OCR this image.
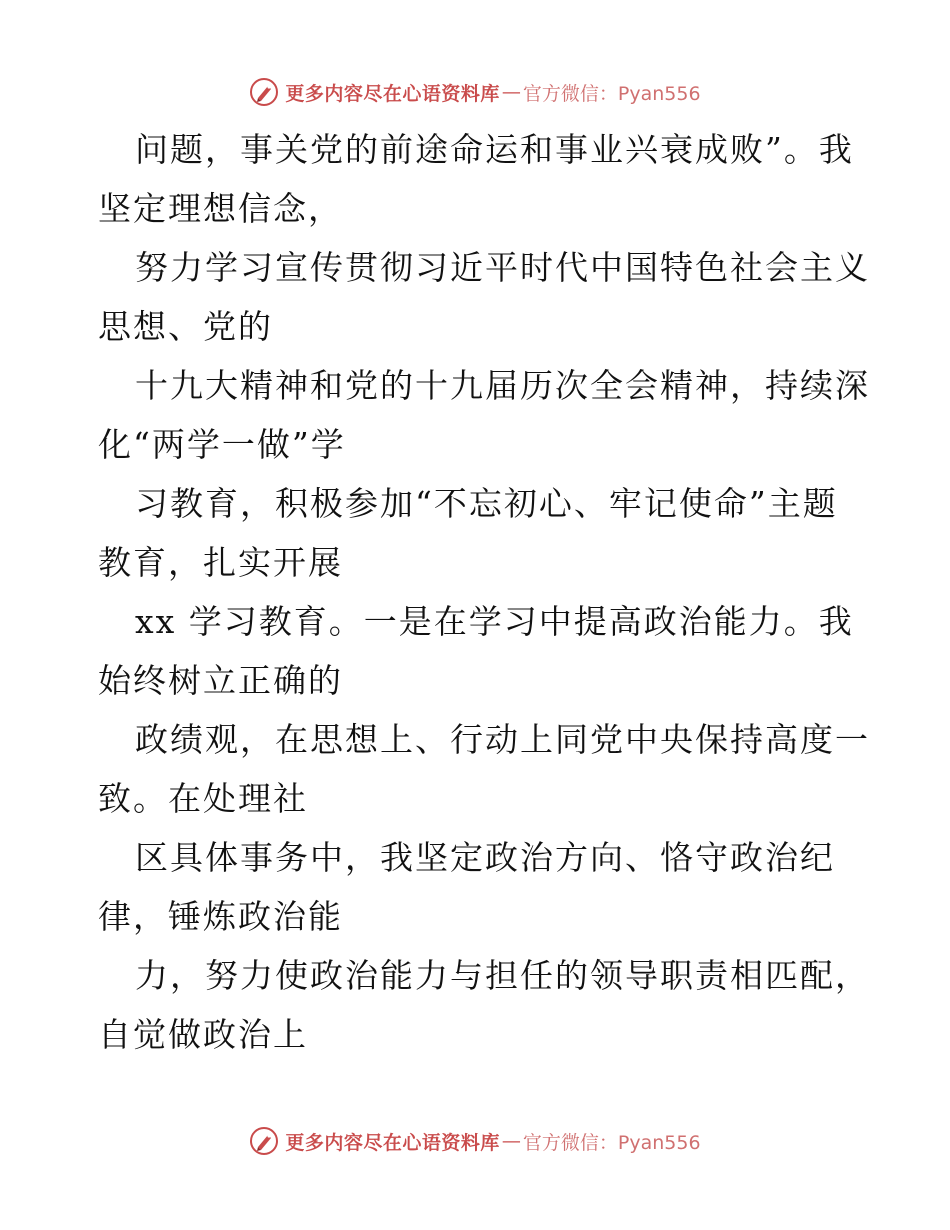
更多内容尽在心语资料库 — 官方微信：Pyan556
问题，事关党的前途命运和事业兴衰成败”。我
坚定理想信念，
努力学习宣传贯彻习近平时代中国特色社会主义
思想、党的
十九大精神和党的十九届历次全会精神，持续深
化“两学一做”学
习教育，积极参加“不忘初心、牢记使命”主题
教育，扎实开展
xx 学习教育。一是在学习中提高政治能力。我
始终树立正确的
政绩观，在思想上、行动上同党中央保持高度一
致。在处理社
区具体事务中，我坚定政治方向、恪守政治纪
律，锤炼政治能
力，努力使政治能力与担任的领导职责相匹配，
自觉做政治上
更多内容尽在心语资料库 — 官方微信：Pyan556
